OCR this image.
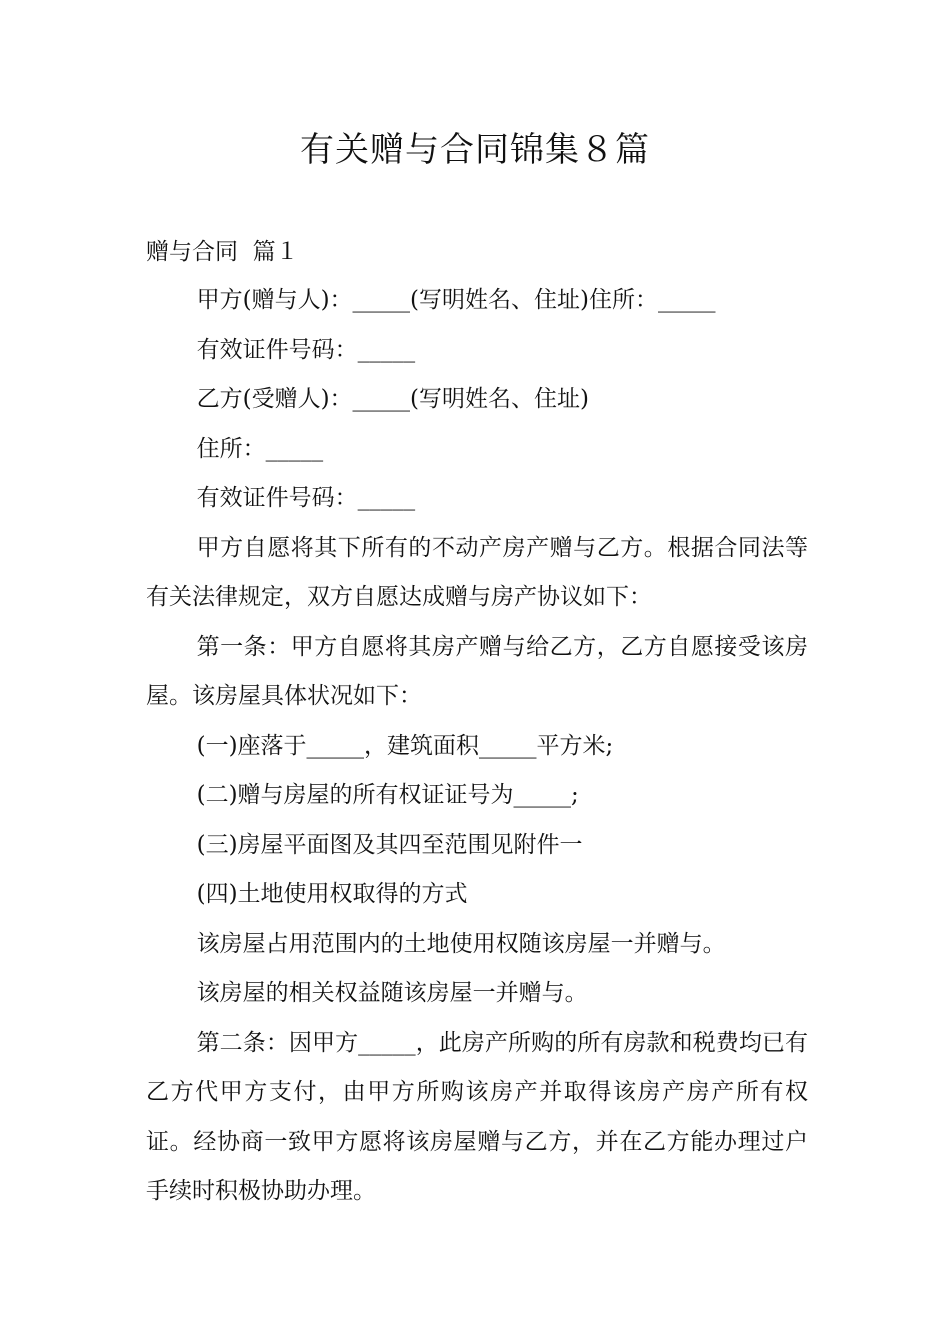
有关赠与合同锦集８篇
赠与合同  篇１

甲方(赠与人)：_____(写明姓名、住址)住所：_____

有效证件号码：_____

乙方(受赠人)：_____(写明姓名、住址)

住所：_____

有效证件号码：_____

甲方自愿将其下所有的不动产房产赠与乙方。根据合同法等有关法律规定，双方自愿达成赠与房产协议如下：

第一条：甲方自愿将其房产赠与给乙方，乙方自愿接受该房屋。该房屋具体状况如下：

(一)座落于_____，建筑面积_____平方米;

(二)赠与房屋的所有权证证号为_____;

(三)房屋平面图及其四至范围见附件一

(四)土地使用权取得的方式

该房屋占用范围内的土地使用权随该房屋一并赠与。

该房屋的相关权益随该房屋一并赠与。

第二条：因甲方_____，此房产所购的所有房款和税费均已有乙方代甲方支付，由甲方所购该房产并取得该房产房产所有权证。经协商一致甲方愿将该房屋赠与乙方，并在乙方能办理过户手续时积极协助办理。
